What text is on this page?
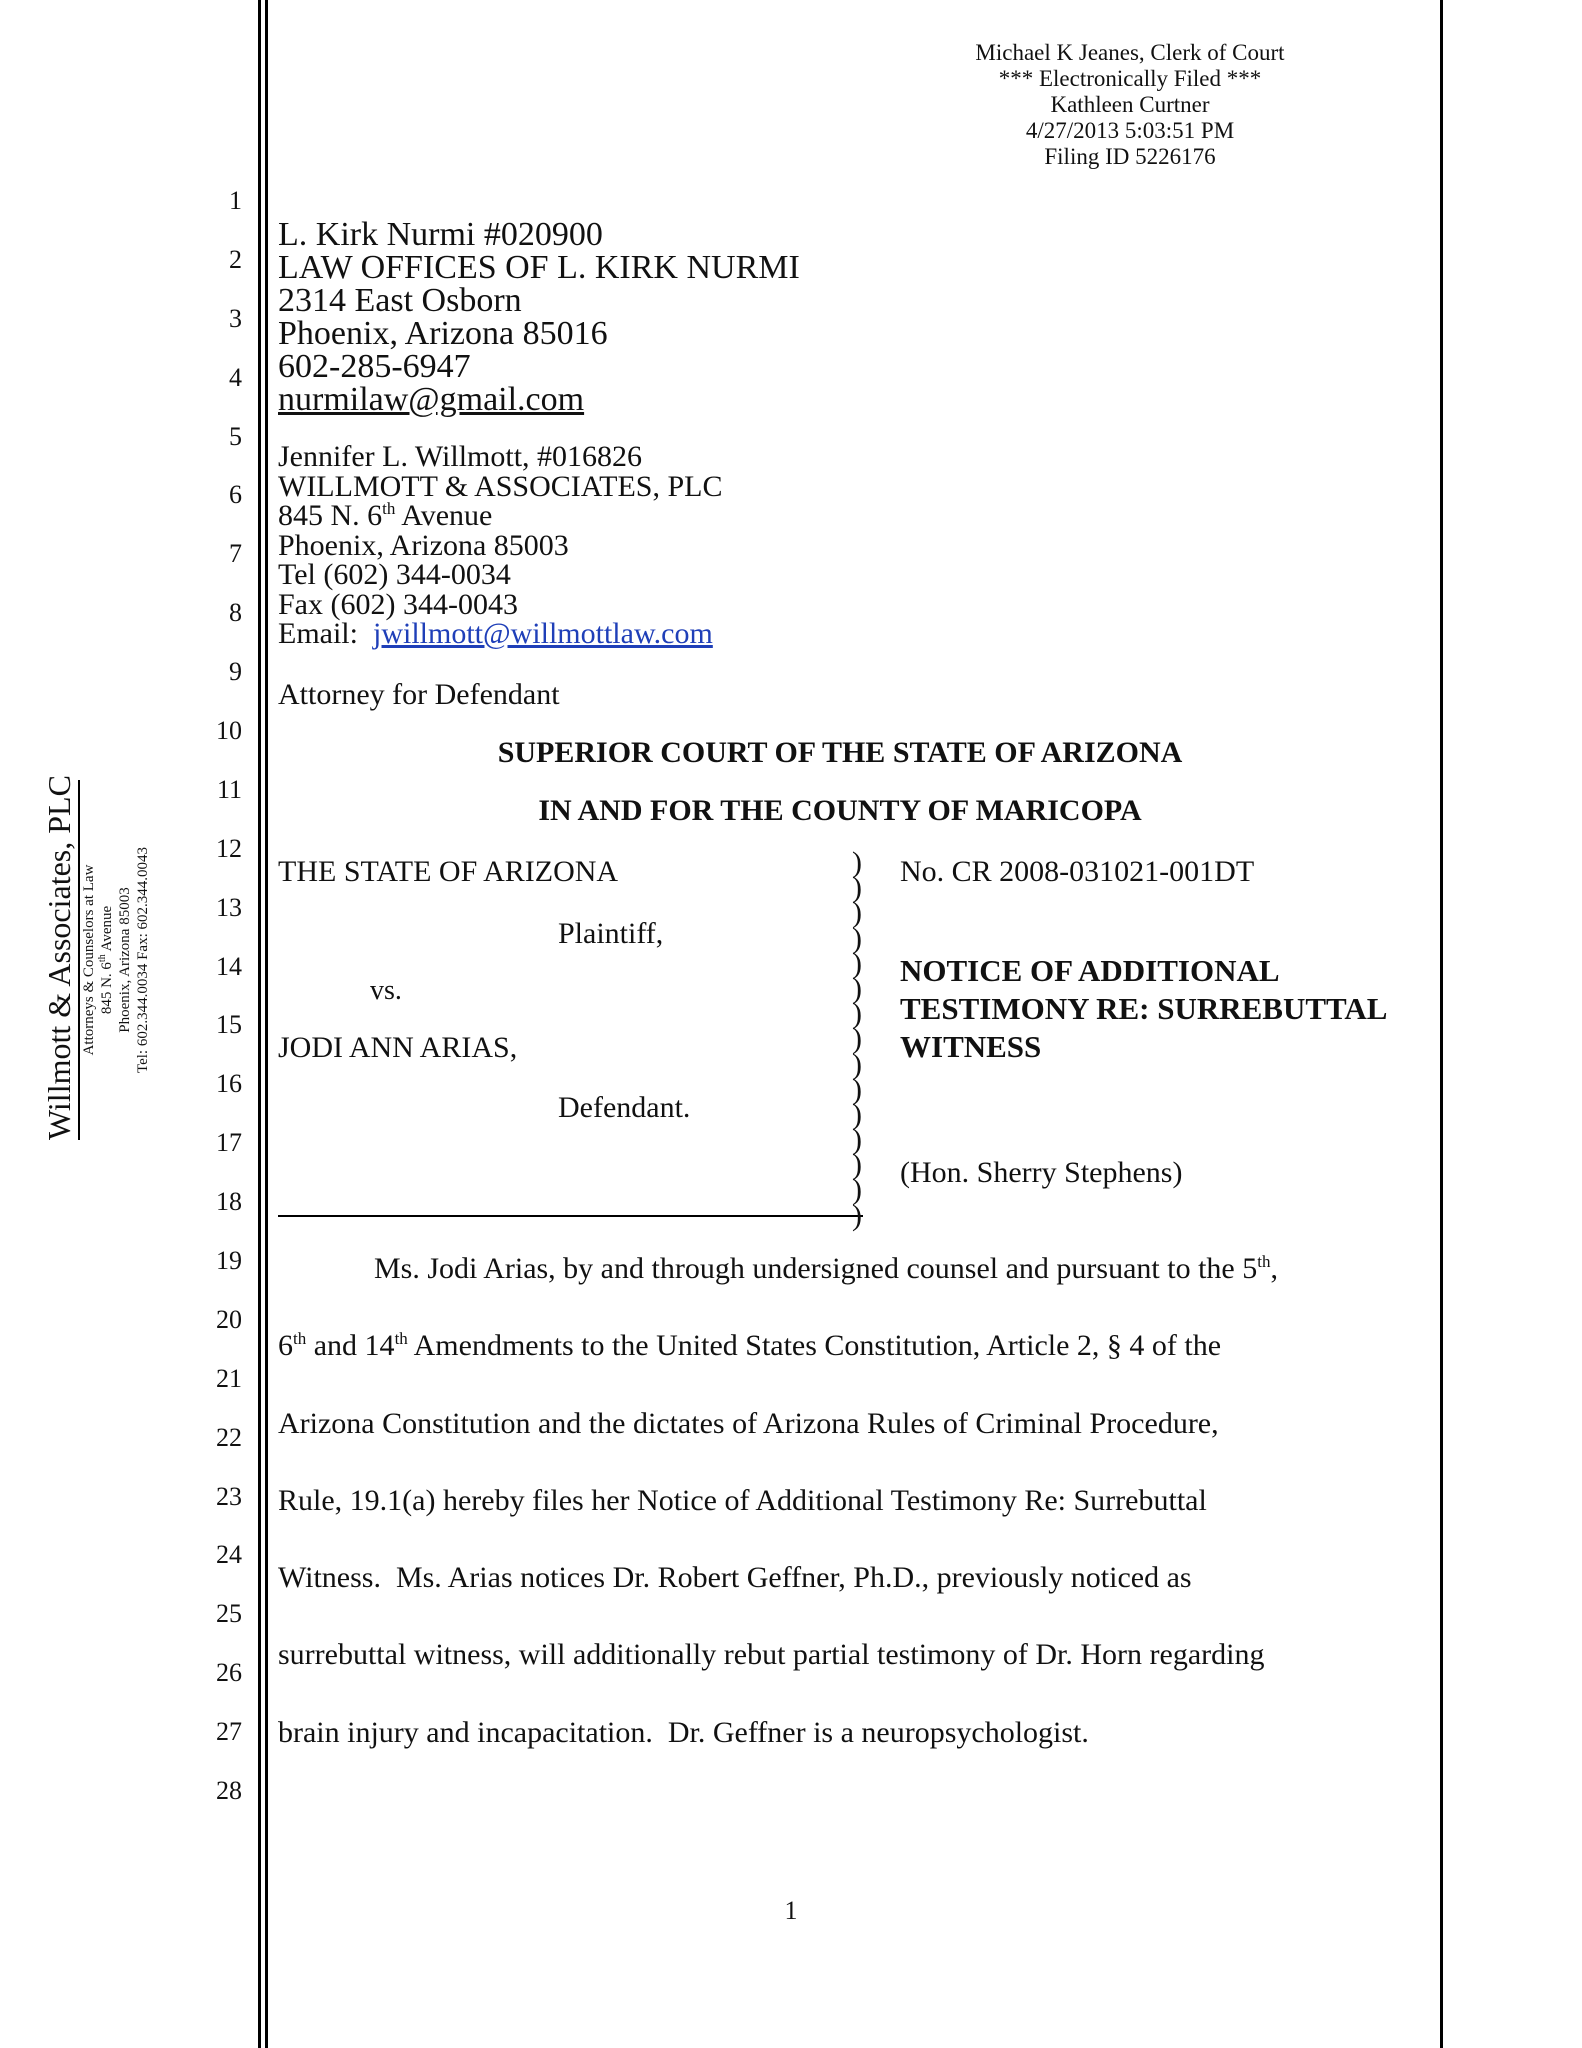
Michael K Jeanes, Clerk of Court
*** Electronically Filed ***
Kathleen Curtner
4/27/2013 5:03:51 PM
Filing ID 5226176
1
2
3
4
5
6
7
8
9
10
11
12
13
14
15
16
17
18
19
20
21
22
23
24
25
26
27
28
Willmott & Associates, PLC Attorneys & Counselors at Law 845 N. 6th Avenue Phoenix, Arizona 85003 Tel: 602.344.0034 Fax: 602.344.0043
L. Kirk Nurmi #020900
LAW OFFICES OF L. KIRK NURMI
2314 East Osborn
Phoenix, Arizona 85016
602-285-6947
nurmilaw@gmail.com
Jennifer L. Willmott, #016826
WILLMOTT & ASSOCIATES, PLC
845 N. 6th Avenue
Phoenix, Arizona 85003
Tel (602) 344-0034
Fax (602) 344-0043
Email:  jwillmott@willmottlaw.com
Attorney for Defendant
SUPERIOR COURT OF THE STATE OF ARIZONA
IN AND FOR THE COUNTY OF MARICOPA
THE STATE OF ARIZONA
Plaintiff,
vs.
JODI ANN ARIAS,
Defendant.
)
)
)
)
)
)
)
)
)
)
)
)
)
)
)
No. CR 2008-031021-001DT
NOTICE OF ADDITIONAL
TESTIMONY RE: SURREBUTTAL
WITNESS
(Hon. Sherry Stephens)
Ms. Jodi Arias, by and through undersigned counsel and pursuant to the 5th,
6th and 14th Amendments to the United States Constitution, Article 2, § 4 of the
Arizona Constitution and the dictates of Arizona Rules of Criminal Procedure,
Rule, 19.1(a) hereby files her Notice of Additional Testimony Re: Surrebuttal
Witness.  Ms. Arias notices Dr. Robert Geffner, Ph.D., previously noticed as
surrebuttal witness, will additionally rebut partial testimony of Dr. Horn regarding
brain injury and incapacitation.  Dr. Geffner is a neuropsychologist.
1
